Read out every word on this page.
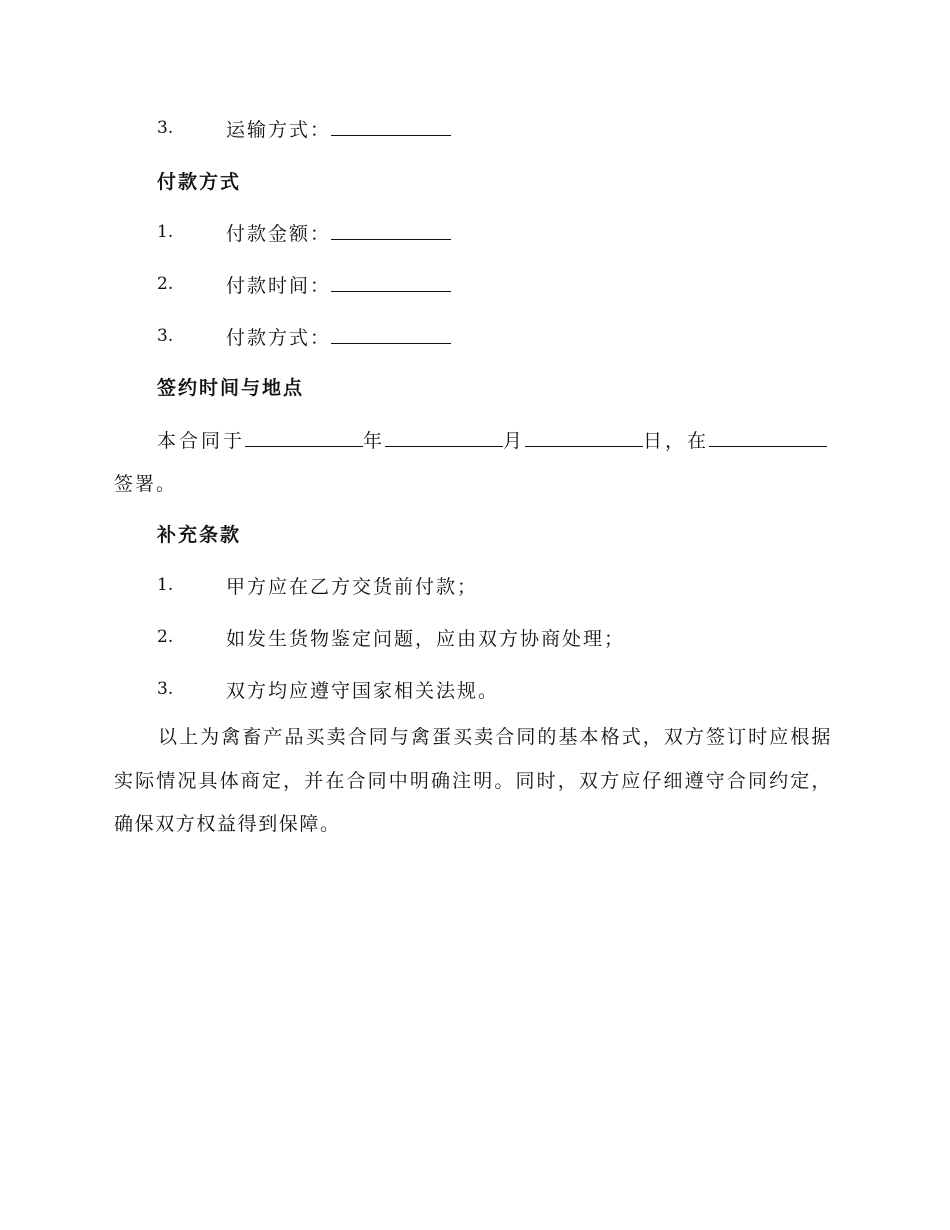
3.	运输方式：
付款方式
1.	付款金额：
2.	付款时间：
3.	付款方式：
签约时间与地点
本合同于	年	月	日，在
签署。
补充条款
1.	甲方应在乙方交货前付款；
2.	如发生货物鉴定问题，应由双方协商处理；
3.	双方均应遵守国家相关法规。
以上为禽畜产品买卖合同与禽蛋买卖合同的基本格式，双方签订时应根据实际情况具体商定，并在合同中明确注明。同时，双方应仔细遵守合同约定，确保双方权益得到保障。
